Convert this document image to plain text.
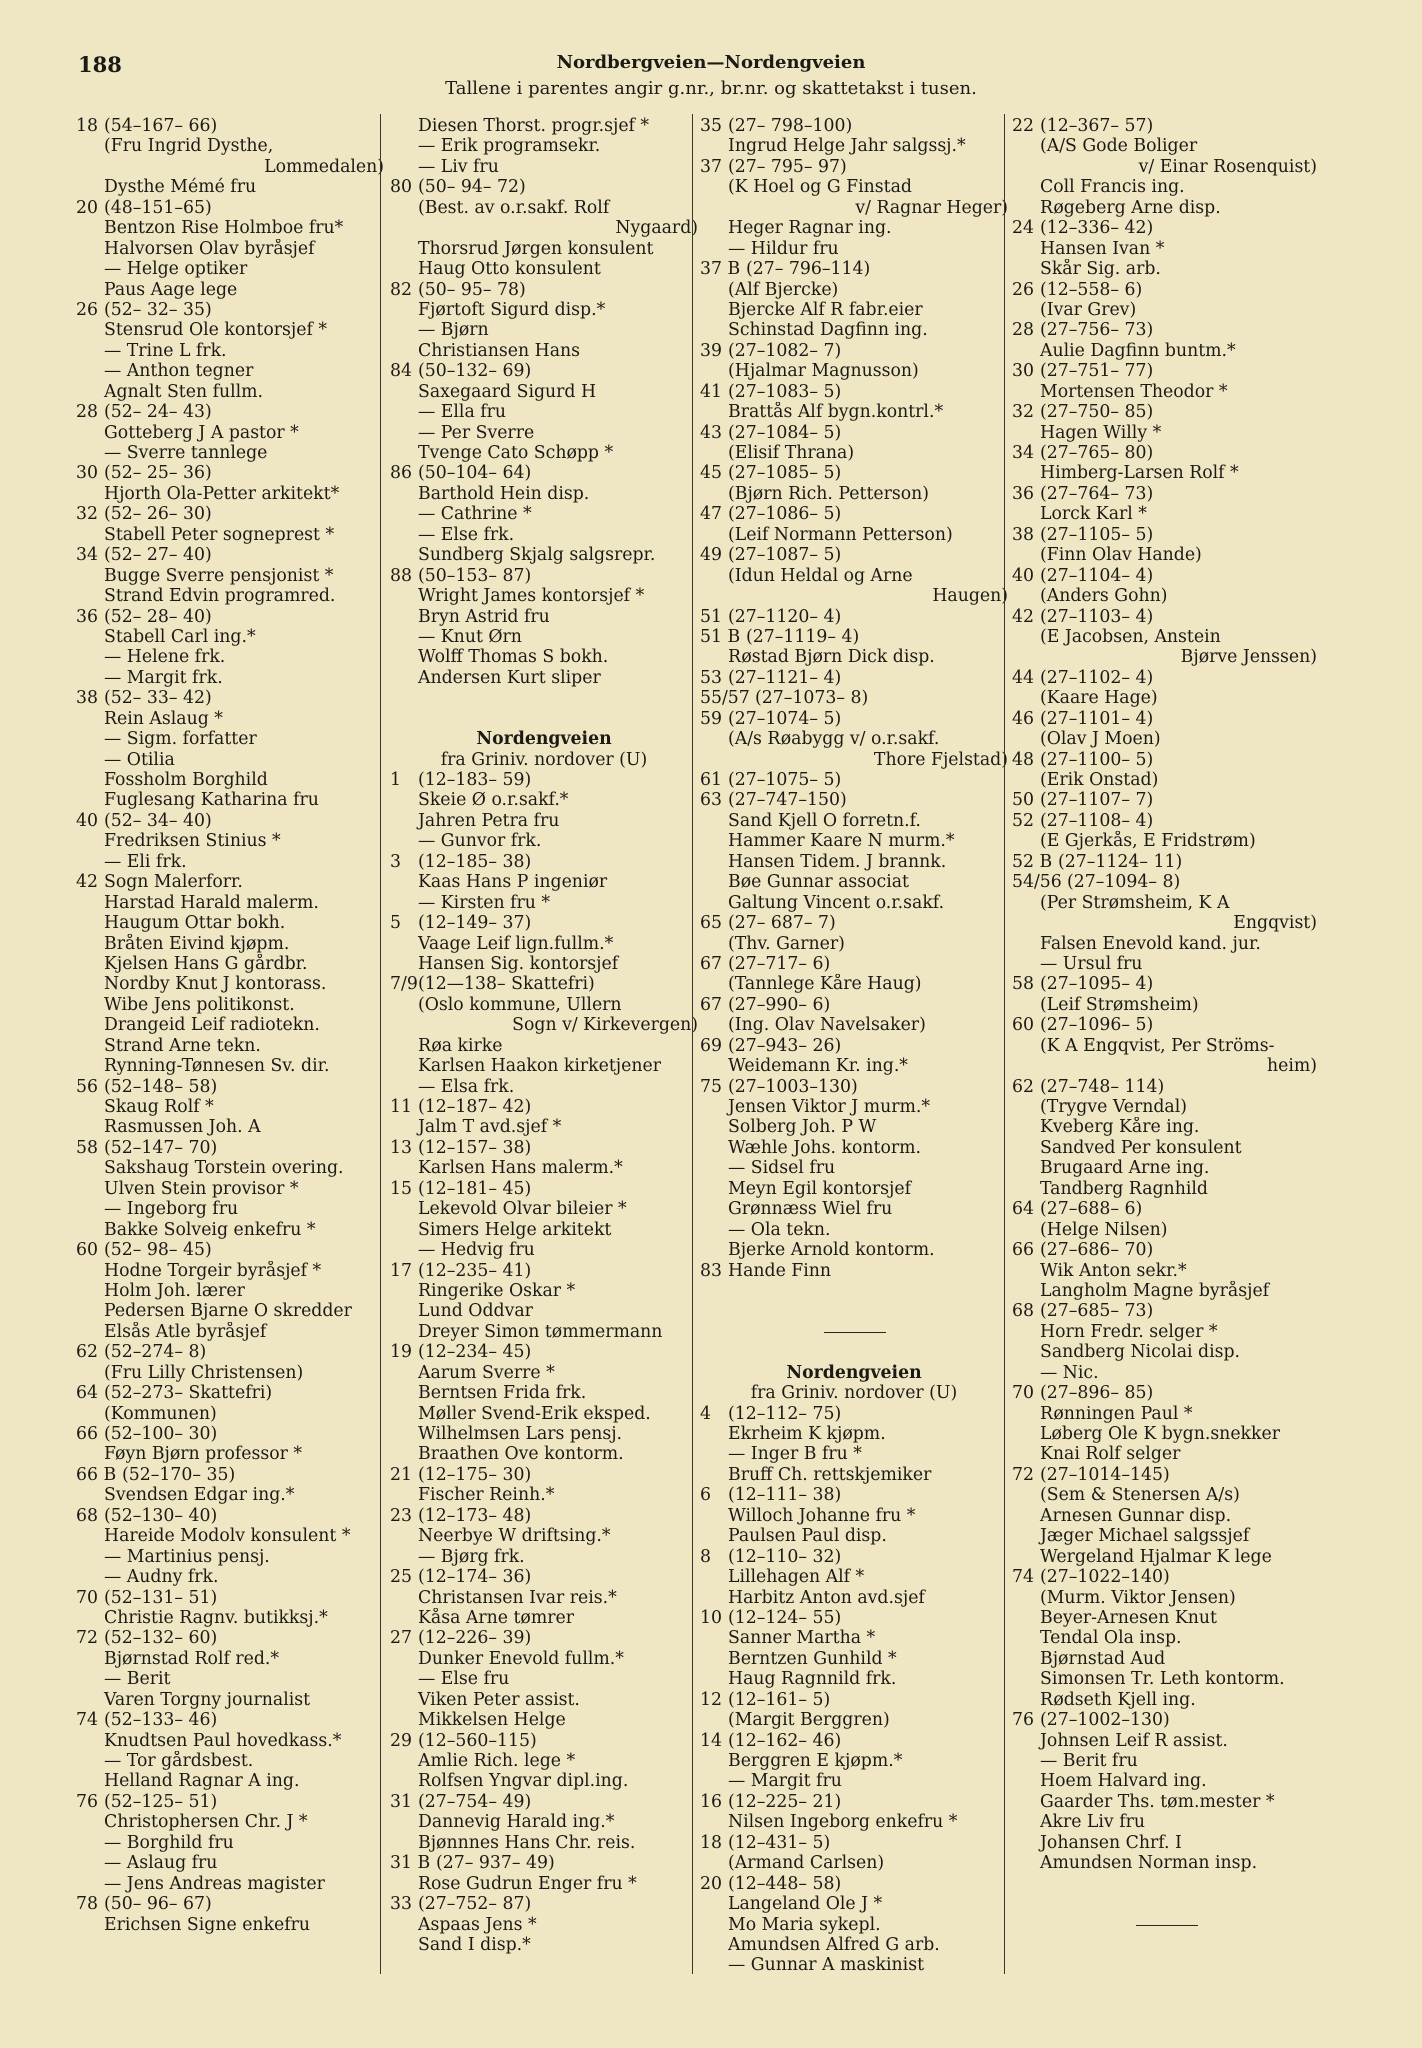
188	Nordbergveien—Nordengveien
Tallene i parentes angir g.nr., br.nr. og skattetakst i tusen.
18 (54–167– 66)
(Fru Ingrid Dysthe,
Lommedalen)
Dysthe Mémé fru
20 (48–151–65)
Bentzon Rise Holmboe fru*
Halvorsen Olav byråsjef
— Helge optiker
Paus Aage lege
26 (52– 32– 35)
Stensrud Ole kontorsjef *
— Trine L frk.
— Anthon tegner
Agnalt Sten fullm.
28 (52– 24– 43)
Gotteberg J A pastor *
— Sverre tannlege
30 (52– 25– 36)
Hjorth Ola-Petter arkitekt*
32 (52– 26– 30)
Stabell Peter sogneprest *
34 (52– 27– 40)
Bugge Sverre pensjonist *
Strand Edvin programred.
36 (52– 28– 40)
Stabell Carl ing.*
— Helene frk.
— Margit frk.
38 (52– 33– 42)
Rein Aslaug *
— Sigm. forfatter
— Otilia
Fossholm Borghild
Fuglesang Katharina fru
40 (52– 34– 40)
Fredriksen Stinius *
— Eli frk.
42 Sogn Malerforr.
Harstad Harald malerm.
Haugum Ottar bokh.
Bråten Eivind kjøpm.
Kjelsen Hans G gårdbr.
Nordby Knut J kontorass.
Wibe Jens politikonst.
Drangeid Leif radiotekn.
Strand Arne tekn.
Rynning-Tønnesen Sv. dir.
56 (52–148– 58)
Skaug Rolf *
Rasmussen Joh. A
58 (52–147– 70)
Sakshaug Torstein overing.
Ulven Stein provisor *
— Ingeborg fru
Bakke Solveig enkefru *
60 (52– 98– 45)
Hodne Torgeir byråsjef *
Holm Joh. lærer
Pedersen Bjarne O skredder
Elsås Atle byråsjef
62 (52–274– 8)
(Fru Lilly Christensen)
64 (52–273– Skattefri)
(Kommunen)
66 (52–100– 30)
Føyn Bjørn professor *
66 B (52–170– 35)
Svendsen Edgar ing.*
68 (52–130– 40)
Hareide Modolv konsulent *
— Martinius pensj.
— Audny frk.
70 (52–131– 51)
Christie Ragnv. butikksj.*
72 (52–132– 60)
Bjørnstad Rolf red.*
— Berit
Varen Torgny journalist
74 (52–133– 46)
Knudtsen Paul hovedkass.*
— Tor gårdsbest.
Helland Ragnar A ing.
76 (52–125– 51)
Christophersen Chr. J *
— Borghild fru
— Aslaug fru
— Jens Andreas magister
78 (50– 96– 67)
Erichsen Signe enkefru
Diesen Thorst. progr.sjef *
— Erik programsekr.
— Liv fru
80 (50– 94– 72)
(Best. av o.r.sakf. Rolf
Nygaard)
Thorsrud Jørgen konsulent
Haug Otto konsulent
82 (50– 95– 78)
Fjørtoft Sigurd disp.*
— Bjørn
Christiansen Hans
84 (50–132– 69)
Saxegaard Sigurd H
— Ella fru
— Per Sverre
Tvenge Cato Schøpp *
86 (50–104– 64)
Barthold Hein disp.
— Cathrine *
— Else frk.
Sundberg Skjalg salgsrepr.
88 (50–153– 87)
Wright James kontorsjef *
Bryn Astrid fru
— Knut Ørn
Wolff Thomas S bokh.
Andersen Kurt sliper
Nordengveien
fra Griniv. nordover (U)
1 (12–183– 59)
Skeie Ø o.r.sakf.*
Jahren Petra fru
— Gunvor frk.
3 (12–185– 38)
Kaas Hans P ingeniør
— Kirsten fru *
5 (12–149– 37)
Vaage Leif lign.fullm.*
Hansen Sig. kontorsjef
7/9 (12—138– Skattefri)
(Oslo kommune, Ullern
Sogn v/ Kirkevergen)
Røa kirke
Karlsen Haakon kirketjener
— Elsa frk.
11 (12–187– 42)
Jalm T avd.sjef *
13 (12–157– 38)
Karlsen Hans malerm.*
15 (12–181– 45)
Lekevold Olvar bileier *
Simers Helge arkitekt
— Hedvig fru
17 (12–235– 41)
Ringerike Oskar *
Lund Oddvar
Dreyer Simon tømmermann
19 (12–234– 45)
Aarum Sverre *
Berntsen Frida frk.
Møller Svend-Erik eksped.
Wilhelmsen Lars pensj.
Braathen Ove kontorm.
21 (12–175– 30)
Fischer Reinh.*
23 (12–173– 48)
Neerbye W driftsing.*
— Bjørg frk.
25 (12–174– 36)
Christansen Ivar reis.*
Kåsa Arne tømrer
27 (12–226– 39)
Dunker Enevold fullm.*
— Else fru
Viken Peter assist.
Mikkelsen Helge
29 (12–560–115)
Amlie Rich. lege *
Rolfsen Yngvar dipl.ing.
31 (27–754– 49)
Dannevig Harald ing.*
Bjønnnes Hans Chr. reis.
31 B (27– 937– 49)
Rose Gudrun Enger fru *
33 (27–752– 87)
Aspaas Jens *
Sand I disp.*
35 (27– 798–100)
Ingrud Helge Jahr salgssj.*
37 (27– 795– 97)
(K Hoel og G Finstad
v/ Ragnar Heger)
Heger Ragnar ing.
— Hildur fru
37 B (27– 796–114)
(Alf Bjercke)
Bjercke Alf R fabr.eier
Schinstad Dagfinn ing.
39 (27–1082– 7)
(Hjalmar Magnusson)
41 (27–1083– 5)
Brattås Alf bygn.kontrl.*
43 (27–1084– 5)
(Elisif Thrana)
45 (27–1085– 5)
(Bjørn Rich. Petterson)
47 (27–1086– 5)
(Leif Normann Petterson)
49 (27–1087– 5)
(Idun Heldal og Arne
Haugen)
51 (27–1120– 4)
51 B (27–1119– 4)
Røstad Bjørn Dick disp.
53 (27–1121– 4)
55/57 (27–1073– 8)
59 (27–1074– 5)
(A/s Røabygg v/ o.r.sakf.
Thore Fjelstad)
61 (27–1075– 5)
63 (27–747–150)
Sand Kjell O forretn.f.
Hammer Kaare N murm.*
Hansen Tidem. J brannk.
Bøe Gunnar associat
Galtung Vincent o.r.sakf.
65 (27– 687– 7)
(Thv. Garner)
67 (27–717– 6)
(Tannlege Kåre Haug)
67 (27–990– 6)
(Ing. Olav Navelsaker)
69 (27–943– 26)
Weidemann Kr. ing.*
75 (27–1003–130)
Jensen Viktor J murm.*
Solberg Joh. P W
Wæhle Johs. kontorm.
— Sidsel fru
Meyn Egil kontorsjef
Grønnæss Wiel fru
— Ola tekn.
Bjerke Arnold kontorm.
83 Hande Finn
Nordengveien
fra Griniv. nordover (U)
4 (12–112– 75)
Ekrheim K kjøpm.
— Inger B fru *
Bruff Ch. rettskjemiker
6 (12–111– 38)
Willoch Johanne fru *
Paulsen Paul disp.
8 (12–110– 32)
Lillehagen Alf *
Harbitz Anton avd.sjef
10 (12–124– 55)
Sanner Martha *
Berntzen Gunhild *
Haug Ragnnild frk.
12 (12–161– 5)
(Margit Berggren)
14 (12–162– 46)
Berggren E kjøpm.*
— Margit fru
16 (12–225– 21)
Nilsen Ingeborg enkefru *
18 (12–431– 5)
(Armand Carlsen)
20 (12–448– 58)
Langeland Ole J *
Mo Maria sykepl.
Amundsen Alfred G arb.
— Gunnar A maskinist
22 (12–367– 57)
(A/S Gode Boliger
v/ Einar Rosenquist)
Coll Francis ing.
Røgeberg Arne disp.
24 (12–336– 42)
Hansen Ivan *
Skår Sig. arb.
26 (12–558– 6)
(Ivar Grev)
28 (27–756– 73)
Aulie Dagfinn buntm.*
30 (27–751– 77)
Mortensen Theodor *
32 (27–750– 85)
Hagen Willy *
34 (27–765– 80)
Himberg-Larsen Rolf *
36 (27–764– 73)
Lorck Karl *
38 (27–1105– 5)
(Finn Olav Hande)
40 (27–1104– 4)
(Anders Gohn)
42 (27–1103– 4)
(E Jacobsen, Anstein
Bjørve Jenssen)
44 (27–1102– 4)
(Kaare Hage)
46 (27–1101– 4)
(Olav J Moen)
48 (27–1100– 5)
(Erik Onstad)
50 (27–1107– 7)
52 (27–1108– 4)
(E Gjerkås, E Fridstrøm)
52 B (27–1124– 11)
54/56 (27–1094– 8)
(Per Strømsheim, K A
Engqvist)
Falsen Enevold kand. jur.
— Ursul fru
58 (27–1095– 4)
(Leif Strømsheim)
60 (27–1096– 5)
(K A Engqvist, Per Ströms-
heim)
62 (27–748– 114)
(Trygve Verndal)
Kveberg Kåre ing.
Sandved Per konsulent
Brugaard Arne ing.
Tandberg Ragnhild
64 (27–688– 6)
(Helge Nilsen)
66 (27–686– 70)
Wik Anton sekr.*
Langholm Magne byråsjef
68 (27–685– 73)
Horn Fredr. selger *
Sandberg Nicolai disp.
— Nic.
70 (27–896– 85)
Rønningen Paul *
Løberg Ole K bygn.snekker
Knai Rolf selger
72 (27–1014–145)
(Sem & Stenersen A/s)
Arnesen Gunnar disp.
Jæger Michael salgssjef
Wergeland Hjalmar K lege
74 (27–1022–140)
(Murm. Viktor Jensen)
Beyer-Arnesen Knut
Tendal Ola insp.
Bjørnstad Aud
Simonsen Tr. Leth kontorm.
Rødseth Kjell ing.
76 (27–1002–130)
Johnsen Leif R assist.
— Berit fru
Hoem Halvard ing.
Gaarder Ths. tøm.mester *
Akre Liv fru
Johansen Chrf. I
Amundsen Norman insp.
